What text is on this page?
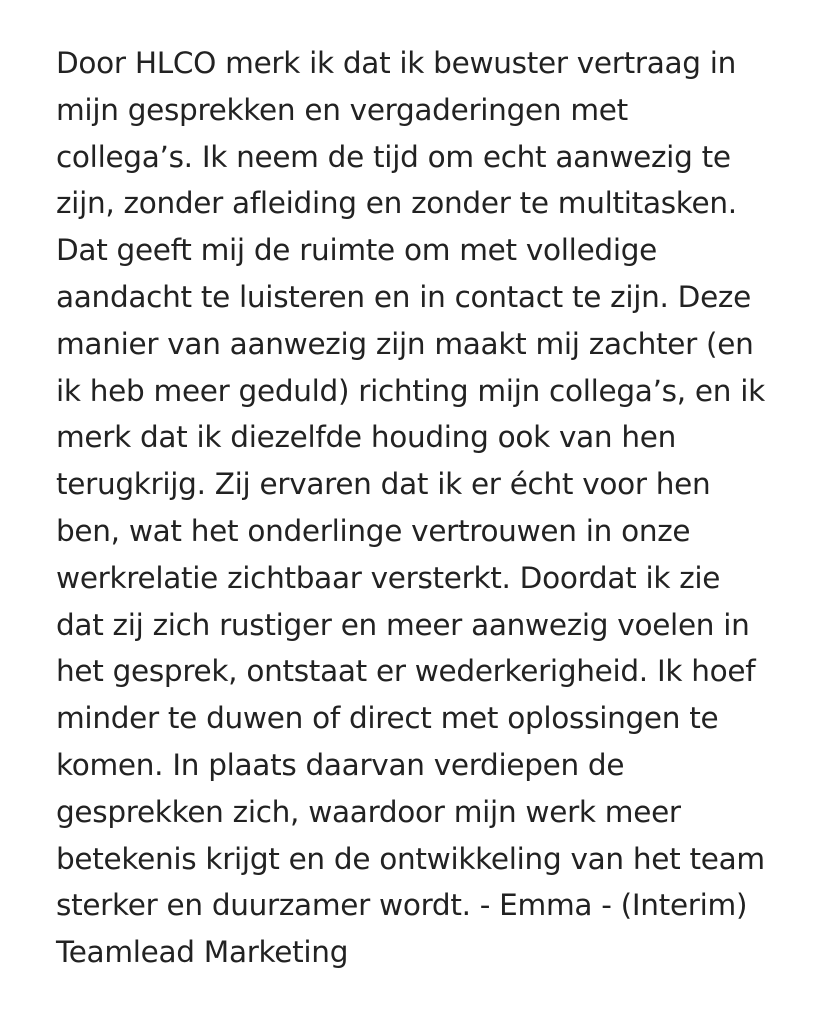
Door HLCO merk ik dat ik bewuster vertraag in
mijn gesprekken en vergaderingen met
collega’s. Ik neem de tijd om echt aanwezig te
zijn, zonder afleiding en zonder te multitasken.
Dat geeft mij de ruimte om met volledige
aandacht te luisteren en in contact te zijn. Deze
manier van aanwezig zijn maakt mij zachter (en
ik heb meer geduld) richting mijn collega’s, en ik
merk dat ik diezelfde houding ook van hen
terugkrijg. Zij ervaren dat ik er écht voor hen
ben, wat het onderlinge vertrouwen in onze
werkrelatie zichtbaar versterkt. Doordat ik zie
dat zij zich rustiger en meer aanwezig voelen in
het gesprek, ontstaat er wederkerigheid. Ik hoef
minder te duwen of direct met oplossingen te
komen. In plaats daarvan verdiepen de
gesprekken zich, waardoor mijn werk meer
betekenis krijgt en de ontwikkeling van het team
sterker en duurzamer wordt. - Emma - (Interim)
Teamlead Marketing
